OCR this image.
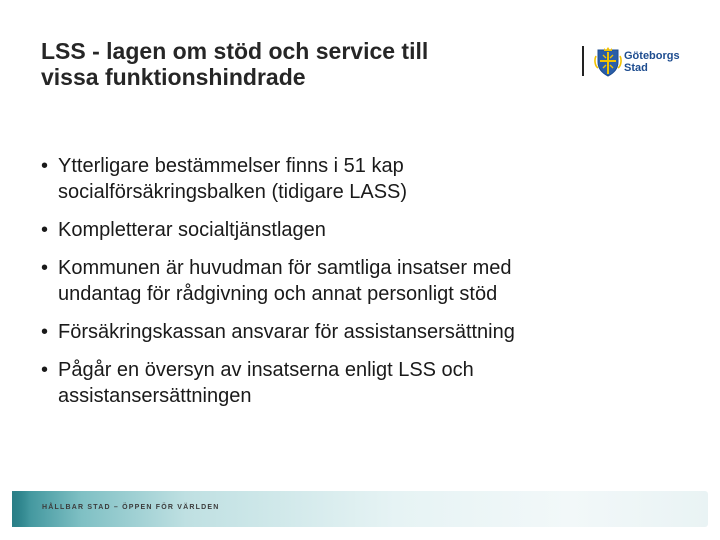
LSS - lagen om stöd och service till
vissa funktionshindrade
Göteborgs
Stad
• Ytterligare bestämmelser finns i 51 kap
socialförsäkringsbalken (tidigare LASS)
• Kompletterar socialtjänstlagen
• Kommunen är huvudman för samtliga insatser med
undantag för rådgivning och annat personligt stöd
• Försäkringskassan ansvarar för assistansersättning
• Pågår en översyn av insatserna enligt LSS och
assistansersättningen
HÅLLBAR STAD – ÖPPEN FÖR VÄRLDEN
